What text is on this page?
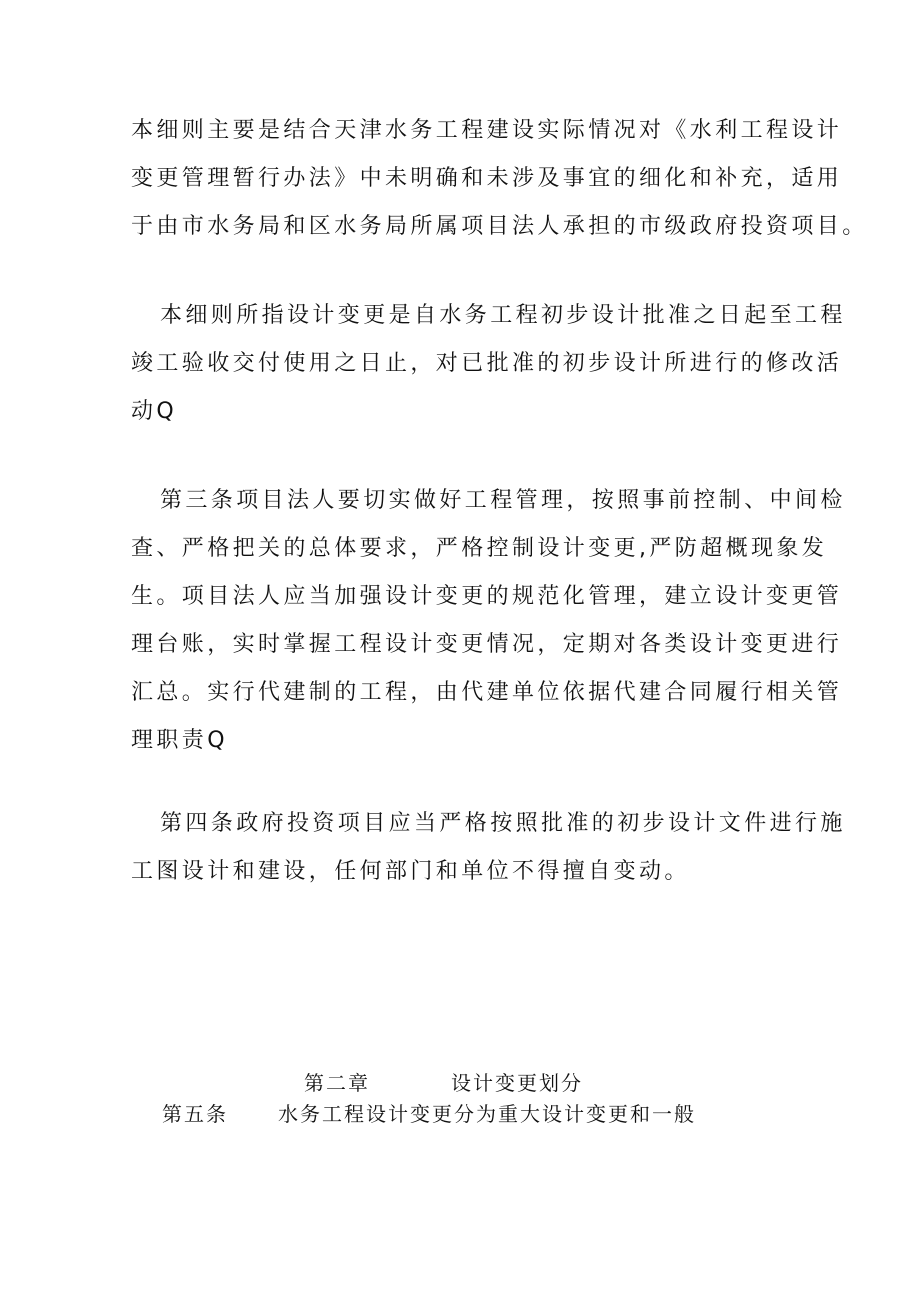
本细则主要是结合天津水务工程建设实际情况对《水利工程设计
变更管理暂行办法》中未明确和未涉及事宜的细化和补充，适用
于由市水务局和区水务局所属项目法人承担的市级政府投资项目。
本细则所指设计变更是自水务工程初步设计批准之日起至工程
竣工验收交付使用之日止，对已批准的初步设计所进行的修改活
动Q
第三条项目法人要切实做好工程管理，按照事前控制、中间检
查、严格把关的总体要求，严格控制设计变更,严防超概现象发
生。项目法人应当加强设计变更的规范化管理，建立设计变更管
理台账，实时掌握工程设计变更情况，定期对各类设计变更进行
汇总。实行代建制的工程，由代建单位依据代建合同履行相关管
理职责Q
第四条政府投资项目应当严格按照批准的初步设计文件进行施
工图设计和建设，任何部门和单位不得擅自变动。
第二章	设计变更划分
第五条	水务工程设计变更分为重大设计变更和一般
